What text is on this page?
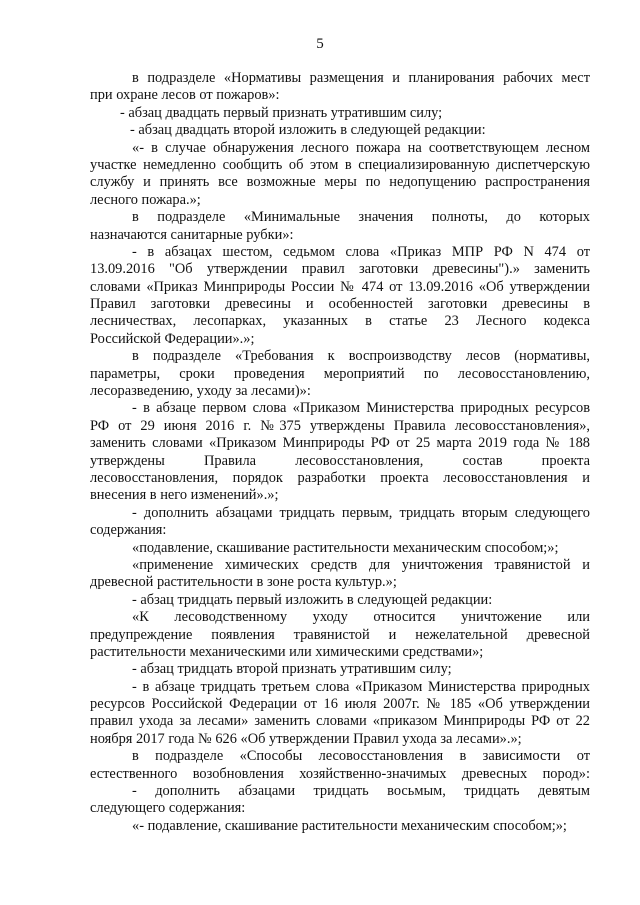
5
в подразделе «Нормативы размещения и планирования рабочих мест
при охране лесов от пожаров»:
- абзац двадцать первый признать утратившим силу;
- абзац двадцать второй изложить в следующей редакции:
«- в случае обнаружения лесного пожара на соответствующем лесном
участке немедленно сообщить об этом в специализированную диспетчерскую
службу и принять все возможные меры по недопущению распространения
лесного пожара.»;
в подразделе «Минимальные значения полноты, до которых
назначаются санитарные рубки»:
- в абзацах шестом, седьмом слова «Приказ МПР РФ N 474 от
13.09.2016 "Об утверждении правил заготовки древесины").» заменить
словами «Приказ Минприроды России № 474 от 13.09.2016 «Об утверждении
Правил заготовки древесины и особенностей заготовки древесины в
лесничествах, лесопарках, указанных в статье 23 Лесного кодекса
Российской Федерации».»;
в подразделе «Требования к воспроизводству лесов (нормативы,
параметры, сроки проведения мероприятий по лесовосстановлению,
лесоразведению, уходу за лесами)»:
- в абзаце первом слова «Приказом Министерства природных ресурсов
РФ от 29 июня 2016 г. №375 утверждены Правила лесовосстановления»,
заменить словами «Приказом Минприроды РФ от 25 марта 2019 года № 188
утверждены Правила лесовосстановления, состав проекта
лесовосстановления, порядок разработки проекта лесовосстановления и
внесения в него изменений».»;
- дополнить абзацами тридцать первым, тридцать вторым следующего
содержания:
«подавление, скашивание растительности механическим способом;»;
«применение химических средств для уничтожения травянистой и
древесной растительности в зоне роста культур.»;
- абзац тридцать первый изложить в следующей редакции:
«К лесоводственному уходу относится уничтожение или
предупреждение появления травянистой и нежелательной древесной
растительности механическими или химическими средствами»;
- абзац тридцать второй признать утратившим силу;
- в абзаце тридцать третьем слова «Приказом Министерства природных
ресурсов Российской Федерации от 16 июля 2007г. № 185 «Об утверждении
правил ухода за лесами» заменить словами «приказом Минприроды РФ от 22
ноября 2017 года № 626 «Об утверждении Правил ухода за лесами».»;
в подразделе «Способы лесовосстановления в зависимости от
естественного возобновления хозяйственно-значимых древесных пород»:
- дополнить абзацами тридцать восьмым, тридцать девятым
следующего содержания:
«- подавление, скашивание растительности механическим способом;»;
